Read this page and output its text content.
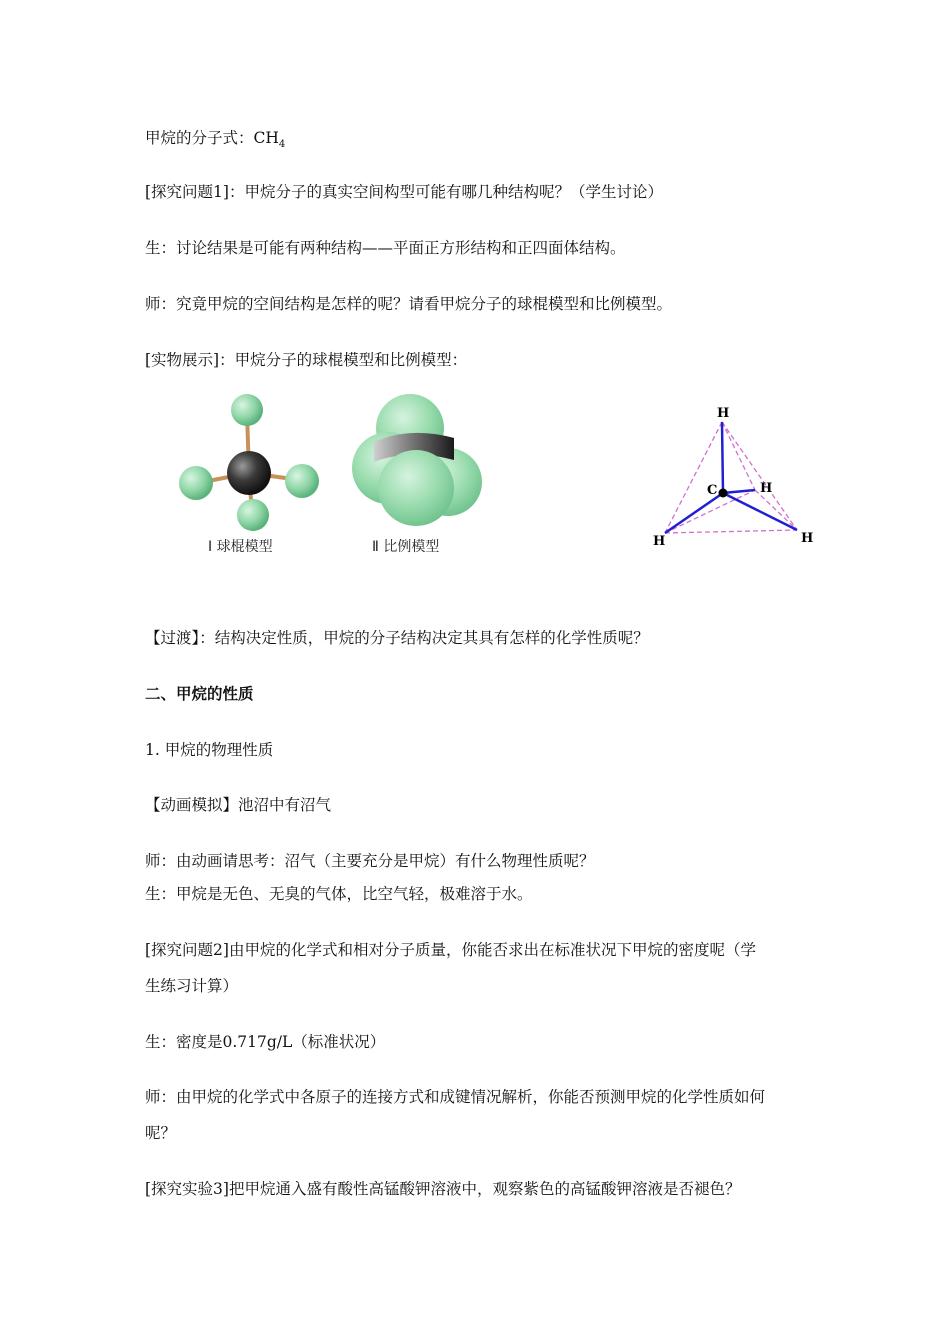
甲烷的分子式：$CH_4$
[探究问题1]：甲烷分子的真实空间构型可能有哪几种结构呢？（学生讨论）
生：讨论结果是可能有两种结构——平面正方形结构和正四面体结构。
师：究竟甲烷的空间结构是怎样的呢？请看甲烷分子的球棍模型和比例模型。
[实物展示]：甲烷分子的球棍模型和比例模型：
Ⅰ 球棍模型	Ⅱ 比例模型
H
C	H
H	H
【过渡】：结构决定性质，甲烷的分子结构决定其具有怎样的化学性质呢？
二、甲烷的性质
1. 甲烷的物理性质
【动画模拟】池沼中有沼气
师：由动画请思考：沼气（主要充分是甲烷）有什么物理性质呢？
生：甲烷是无色、无臭的气体，比空气轻，极难溶于水。
[探究问题2]由甲烷的化学式和相对分子质量，你能否求出在标准状况下甲烷的密度呢（学
生练习计算）
生：密度是0.717g/L（标准状况）
师：由甲烷的化学式中各原子的连接方式和成键情况解析，你能否预测甲烷的化学性质如何
呢？
[探究实验3]把甲烷通入盛有酸性高锰酸钾溶液中，观察紫色的高锰酸钾溶液是否褪色？
